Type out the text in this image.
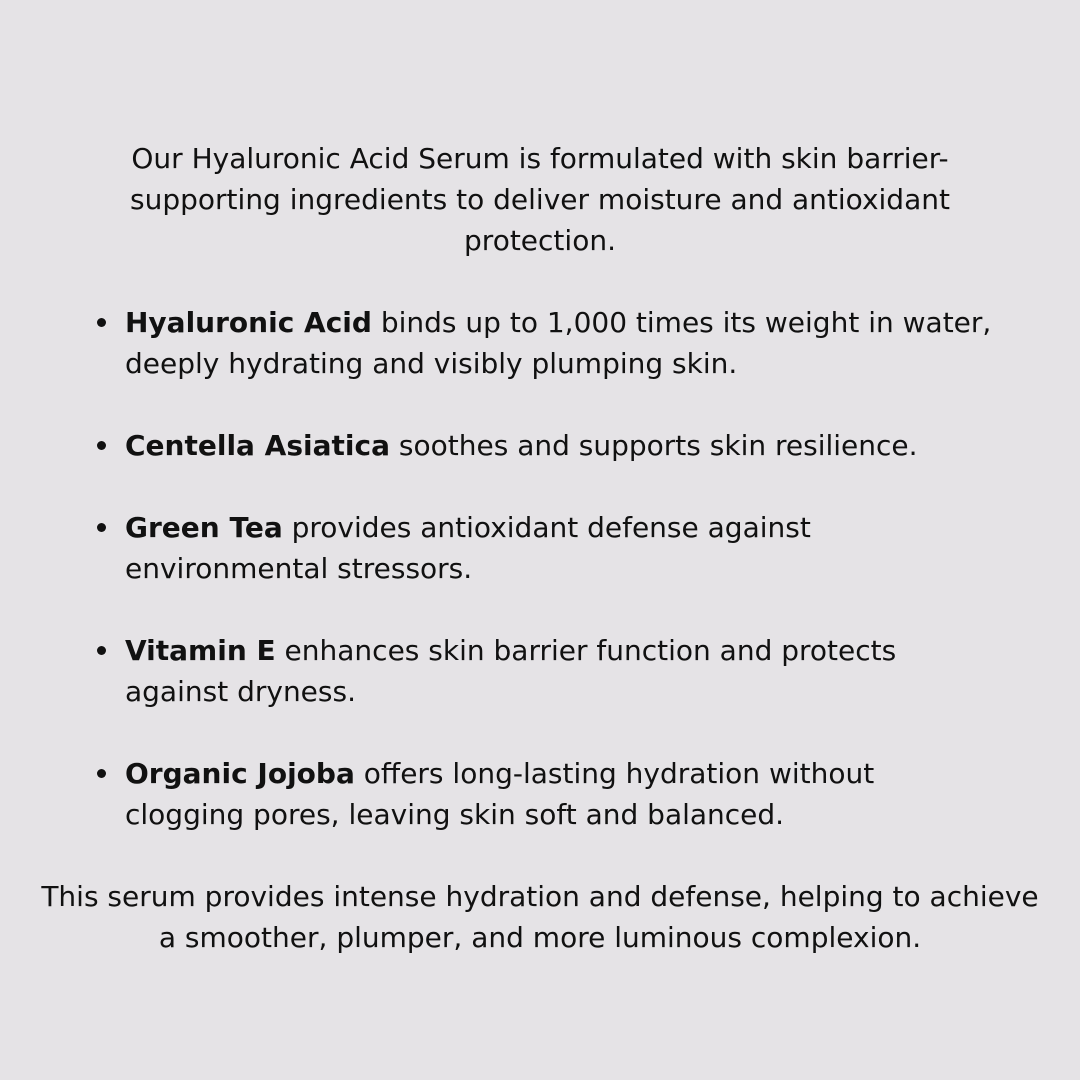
Our Hyaluronic Acid Serum is formulated with skin barrier-supporting ingredients to deliver moisture and antioxidant protection.

Hyaluronic Acid binds up to 1,000 times its weight in water, deeply hydrating and visibly plumping skin.
Centella Asiatica soothes and supports skin resilience.
Green Tea provides antioxidant defense against environmental stressors.
Vitamin E enhances skin barrier function and protects against dryness.
Organic Jojoba offers long-lasting hydration without clogging pores, leaving skin soft and balanced.

This serum provides intense hydration and defense, helping to achieve a smoother, plumper, and more luminous complexion.
